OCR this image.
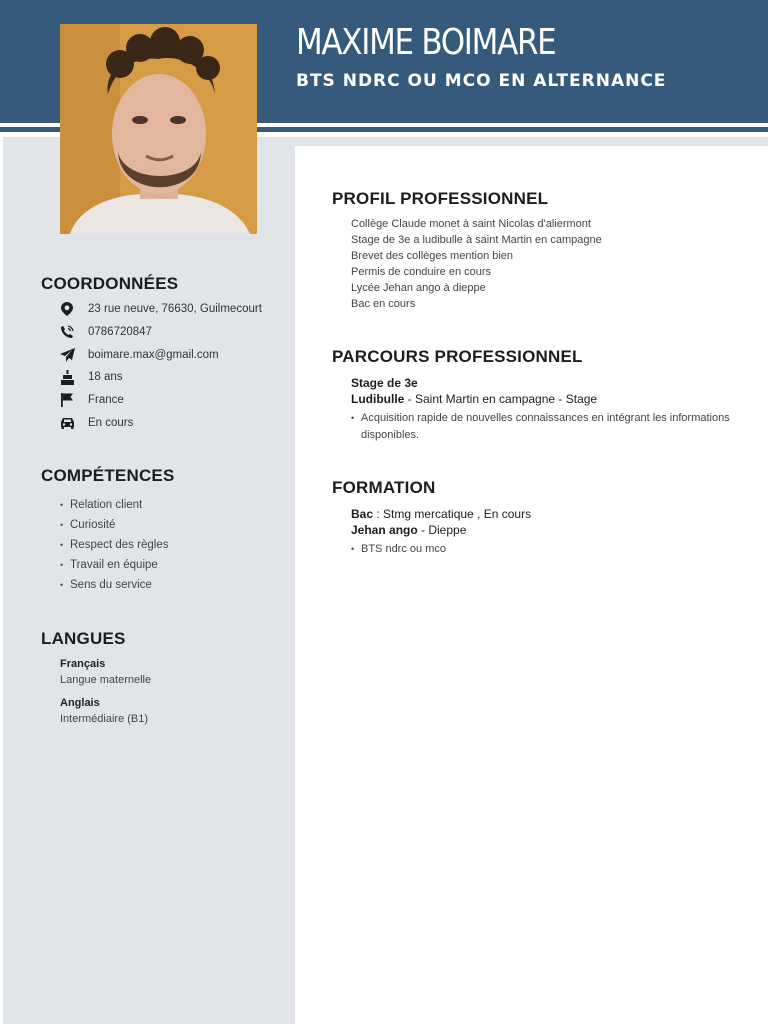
MAXIME BOIMARE
BTS NDRC OU MCO EN ALTERNANCE
COORDONNÉES
23 rue neuve, 76630, Guilmecourt
0786720847
boimare.max@gmail.com
18 ans
France
En cours
COMPÉTENCES
• Relation client
• Curiosité
• Respect des règles
• Travail en équipe
• Sens du service
LANGUES
Français
Langue maternelle
Anglais
Intermédiaire (B1)
PROFIL PROFESSIONNEL
Collège Claude monet à saint Nicolas d'aliermont
Stage de 3e a ludibulle à saint Martin en campagne
Brevet des collèges mention bien
Permis de conduire en cours
Lycée Jehan ango à dieppe
Bac en cours
PARCOURS PROFESSIONNEL
Stage de 3e
Ludibulle - Saint Martin en campagne - Stage
• Acquisition rapide de nouvelles connaissances en intégrant les informations disponibles.
FORMATION
Bac : Stmg mercatique , En cours
Jehan ango - Dieppe
• BTS ndrc ou mco
